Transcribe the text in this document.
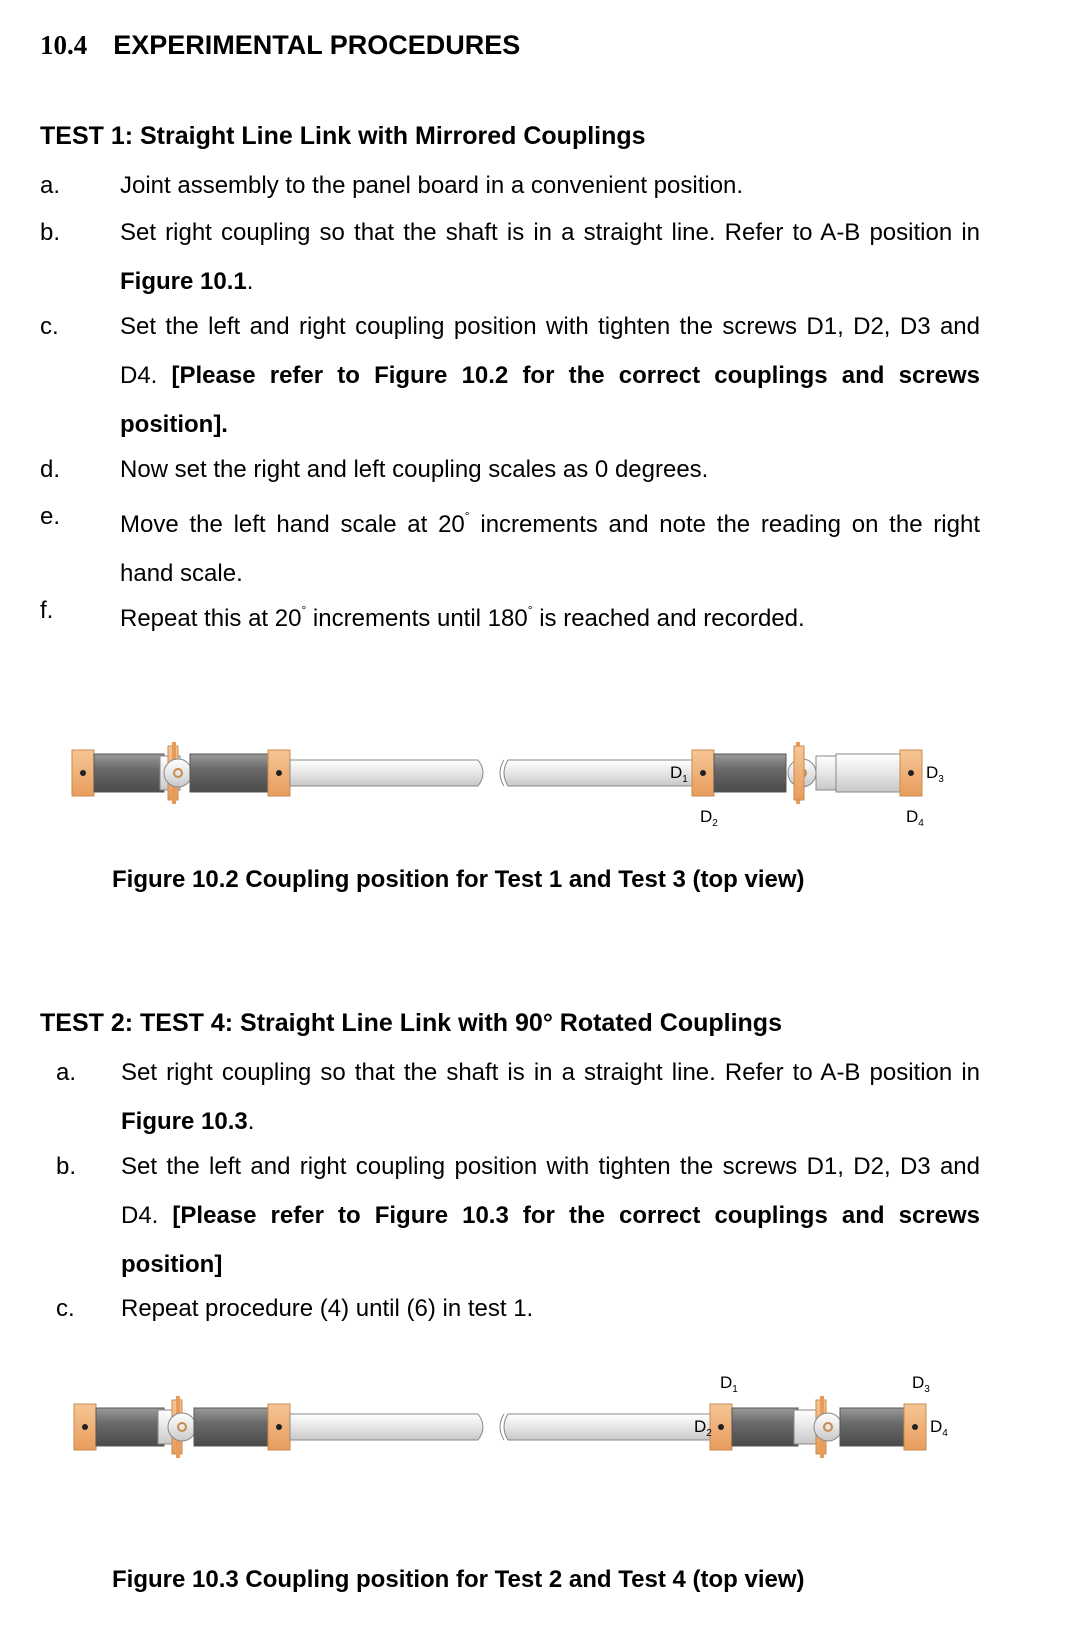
10.4 EXPERIMENTAL PROCEDURES
TEST 1: Straight Line Link with Mirrored Couplings
a. Joint assembly to the panel board in a convenient position.
b. Set right coupling so that the shaft is in a straight line. Refer to A-B position in Figure 10.1.
c.	Set the left and right coupling position with tighten the screws D1, D2, D3 and D4. [Please refer to Figure 10.2 for the correct couplings and screws position].
d. Now set the right and left coupling scales as 0 degrees.
e. Move the left hand scale at 20° increments and note the reading on the right hand scale.
f.	Repeat this at 20° increments until 180° is reached and recorded.
$D_1$
$D_2$
$D_3$
$D_4$
Figure 10.2 Coupling position for Test 1 and Test 3 (top view)
TEST 2: TEST 4: Straight Line Link with 90° Rotated Couplings
a. Set right coupling so that the shaft is in a straight line. Refer to A-B position in Figure 10.3.
b. Set the left and right coupling position with tighten the screws D1, D2, D3 and D4. [Please refer to Figure 10.3 for the correct couplings and screws position]
c. Repeat procedure (4) until (6) in test 1.
$D_1$
$D_2$
$D_3$
$D_4$
Figure 10.3 Coupling position for Test 2 and Test 4 (top view)
